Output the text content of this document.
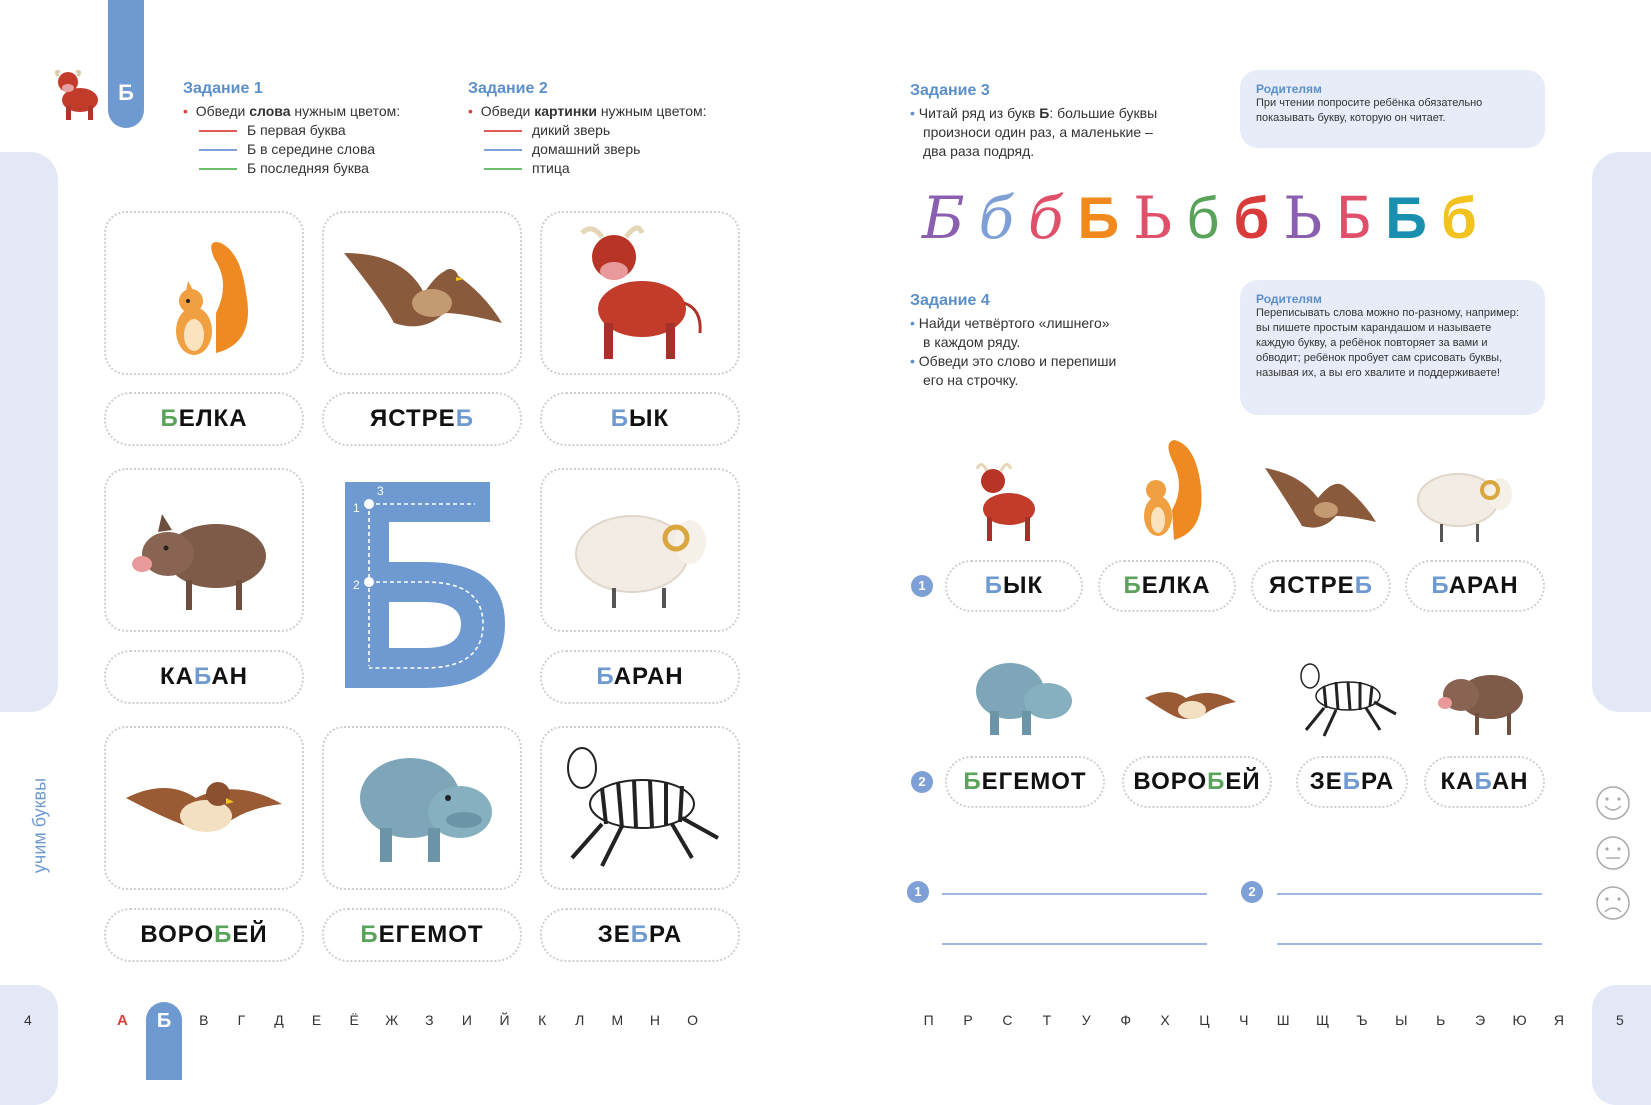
учим буквы
4	5
Б	Задание 1
• Обведи слова нужным цветом:
Б первая буква
Б в середине слова
Б последняя буква
Задание 2
• Обведи картинки нужным цветом:
дикий зверь
домашний зверь
птица
БЕЛКА	ЯСТРЕБ	БЫК
1
2
3
КАБАН	БАРАН
ВОРОБЕЙ	БЕГЕМОТ	ЗЕБРА
А	Б	В Г Д Е Ё Ж З И Й К Л М Н О
Задание 3
• Читай ряд из букв Б: большие буквы
произноси один раз, а маленькие –
два раза подряд.
Родителям
При чтении попросите ребёнка обязательно показывать букву, которую он читает.
Б б б Б Ь б б Ь Б Б б
Задание 4
• Найди четвёртого «лишнего»
в каждом ряду.
• Обведи это слово и перепиши
его на строчку.
Родителям
Переписывать слова можно по-разному, например: вы пишете простым карандашом и называете каждую букву, а ребёнок повторяет за вами и обводит; ребёнок пробует сам срисовать буквы, называя их, а вы его хвалите и поддерживаете!
1	БЫК	БЕЛКА	ЯСТРЕБ	БАРАН
2	БЕГЕМОТ	ВОРОБЕЙ	ЗЕБРА	КАБАН
1	2
П Р С Т У Ф Х Ц Ч Ш Щ Ъ Ы Ь Э Ю Я
